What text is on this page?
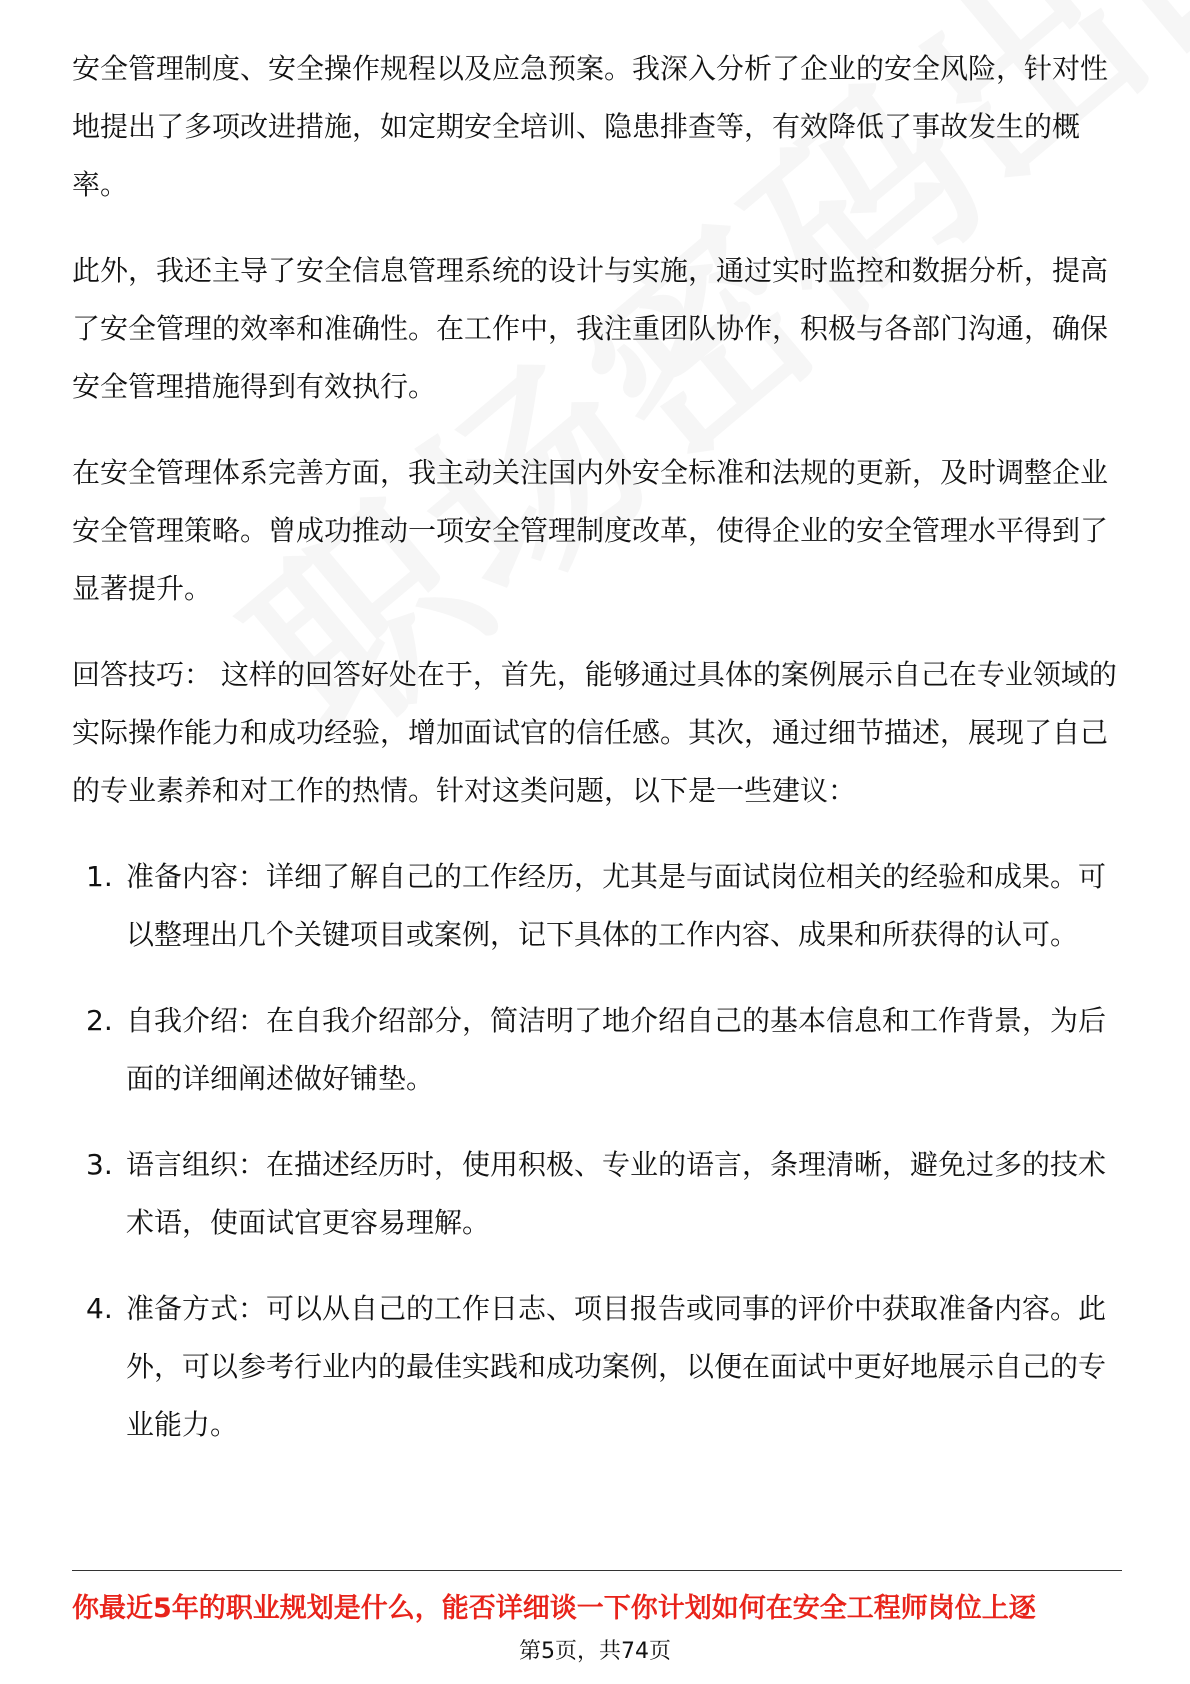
安全管理制度、安全操作规程以及应急预案。我深入分析了企业的安全风险，针对性地提出了多项改进措施，如定期安全培训、隐患排查等，有效降低了事故发生的概率。

此外，我还主导了安全信息管理系统的设计与实施，通过实时监控和数据分析，提高了安全管理的效率和准确性。在工作中，我注重团队协作，积极与各部门沟通，确保安全管理措施得到有效执行。

在安全管理体系完善方面，我主动关注国内外安全标准和法规的更新，及时调整企业安全管理策略。曾成功推动一项安全管理制度改革，使得企业的安全管理水平得到了显著提升。

回答技巧： 这样的回答好处在于，首先，能够通过具体的案例展示自己在专业领域的实际操作能力和成功经验，增加面试官的信任感。其次，通过细节描述，展现了自己的专业素养和对工作的热情。针对这类问题，以下是一些建议：

1. 准备内容：详细了解自己的工作经历，尤其是与面试岗位相关的经验和成果。可以整理出几个关键项目或案例，记下具体的工作内容、成果和所获得的认可。
2. 自我介绍：在自我介绍部分，简洁明了地介绍自己的基本信息和工作背景，为后面的详细阐述做好铺垫。
3. 语言组织：在描述经历时，使用积极、专业的语言，条理清晰，避免过多的技术术语，使面试官更容易理解。
4. 准备方式：可以从自己的工作日志、项目报告或同事的评价中获取准备内容。此外，可以参考行业内的最佳实践和成功案例，以便在面试中更好地展示自己的专业能力。
你最近5年的职业规划是什么，能否详细谈一下你计划如何在安全工程师岗位上逐
第5页，共74页
